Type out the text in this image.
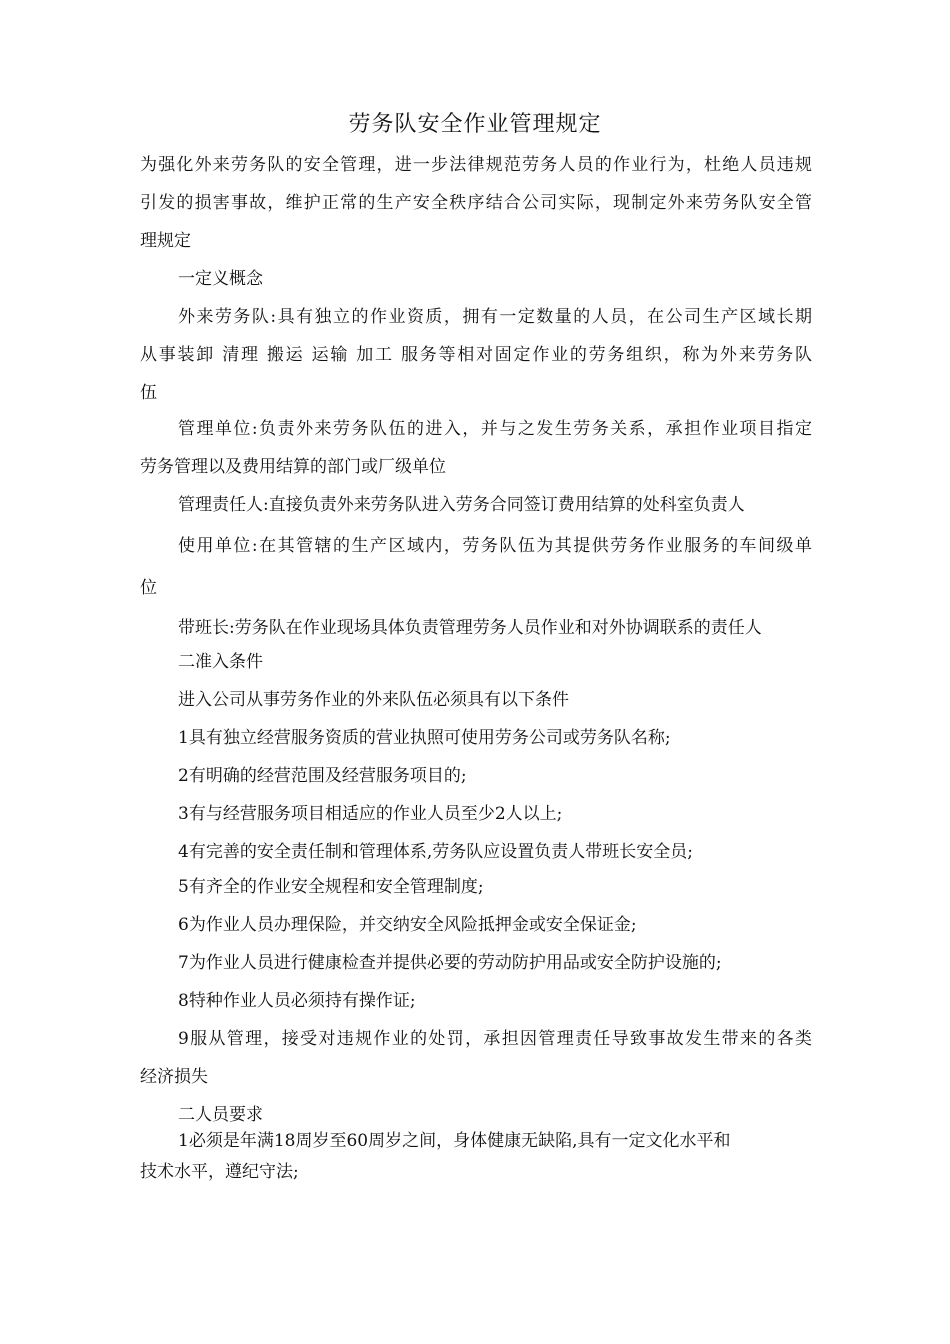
劳务队安全作业管理规定
为强化外来劳务队的安全管理，进一步法律规范劳务人员的作业行为，杜绝人员违规
引发的损害事故，维护正常的生产安全秩序结合公司实际，现制定外来劳务队安全管
理规定
一定义概念
外来劳务队:具有独立的作业资质，拥有一定数量的人员，在公司生产区域长期
从事装卸 清理 搬运 运输 加工 服务等相对固定作业的劳务组织，称为外来劳务队
伍
管理单位:负责外来劳务队伍的进入，并与之发生劳务关系，承担作业项目指定
劳务管理以及费用结算的部门或厂级单位
管理责任人:直接负责外来劳务队进入劳务合同签订费用结算的处科室负责人
使用单位:在其管辖的生产区域内，劳务队伍为其提供劳务作业服务的车间级单
位
带班长:劳务队在作业现场具体负责管理劳务人员作业和对外协调联系的责任人
二准入条件
进入公司从事劳务作业的外来队伍必须具有以下条件
1具有独立经营服务资质的营业执照可使用劳务公司或劳务队名称;
2有明确的经营范围及经营服务项目的;
3有与经营服务项目相适应的作业人员至少2人以上;
4有完善的安全责任制和管理体系,劳务队应设置负责人带班长安全员;
5有齐全的作业安全规程和安全管理制度;
6为作业人员办理保险，并交纳安全风险抵押金或安全保证金;
7为作业人员进行健康检查并提供必要的劳动防护用品或安全防护设施的;
8特种作业人员必须持有操作证;
9服从管理，接受对违规作业的处罚，承担因管理责任导致事故发生带来的各类
经济损失
二人员要求
1必须是年满18周岁至60周岁之间，身体健康无缺陷,具有一定文化水平和
技术水平，遵纪守法;
